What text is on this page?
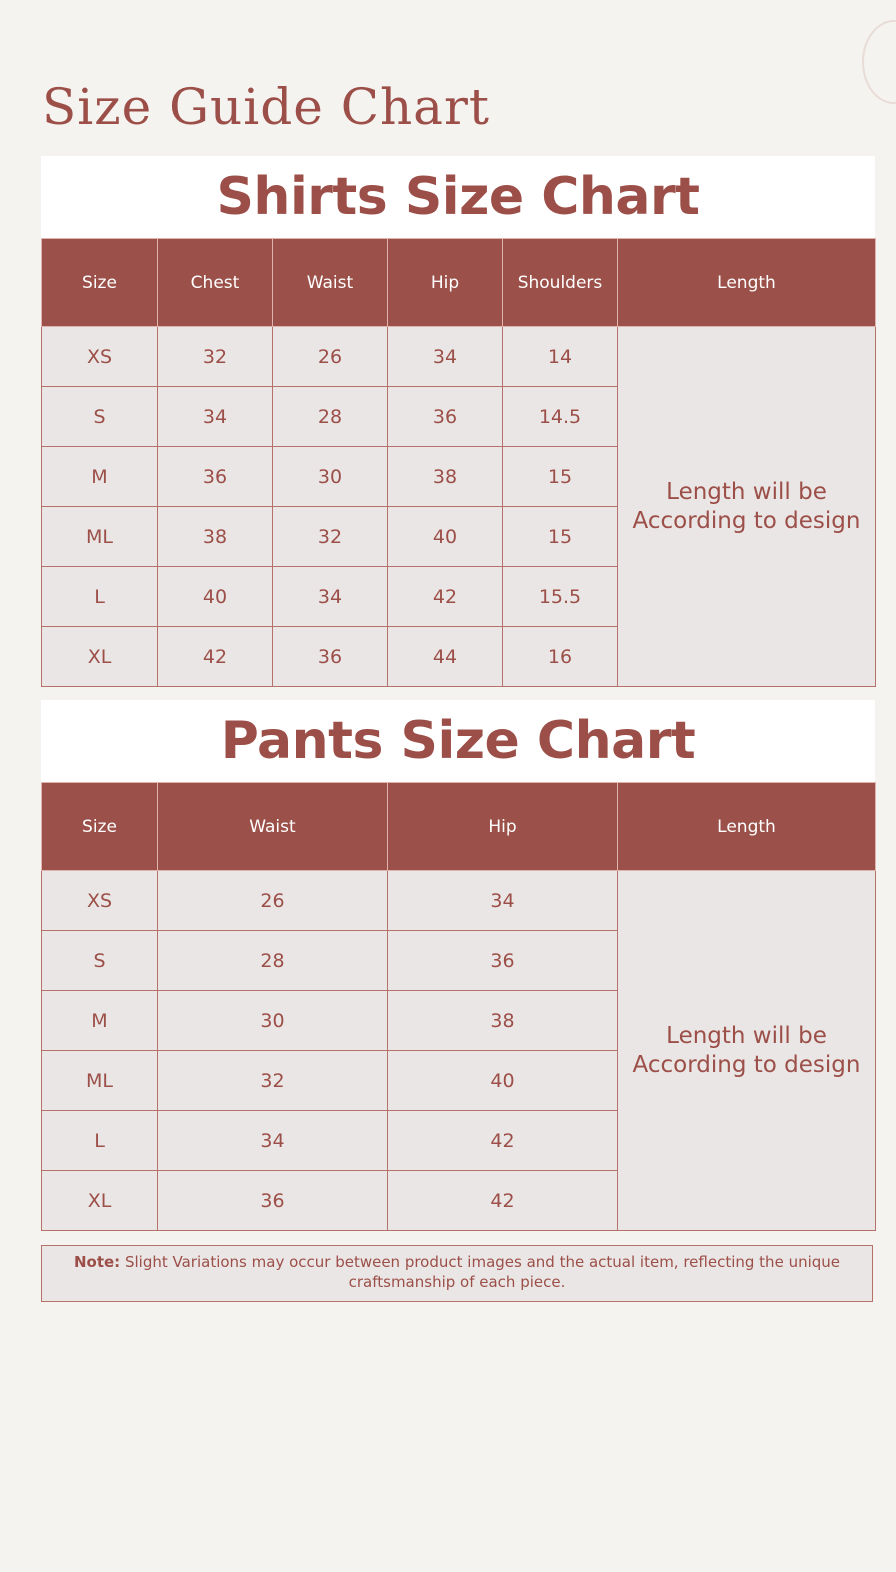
Size Guide Chart
Shirts Size Chart
Size	Chest	Waist	Hip	Shoulders	Length
XS	32	26	34	14	Length will be
According to design
S	34	28	36	14.5	
M	36	30	38	15	
ML	38	32	40	15	
L	40	34	42	15.5	
XL	42	36	44	16	
Pants Size Chart
Size	Waist	Hip	Length
XS	26	34	Length will be
According to design
S	28	36	
M	30	38	
ML	32	40	
L	34	42	
XL	36	42	
Note: Slight Variations may occur between product images and the actual item, reflecting the unique craftsmanship of each piece.
